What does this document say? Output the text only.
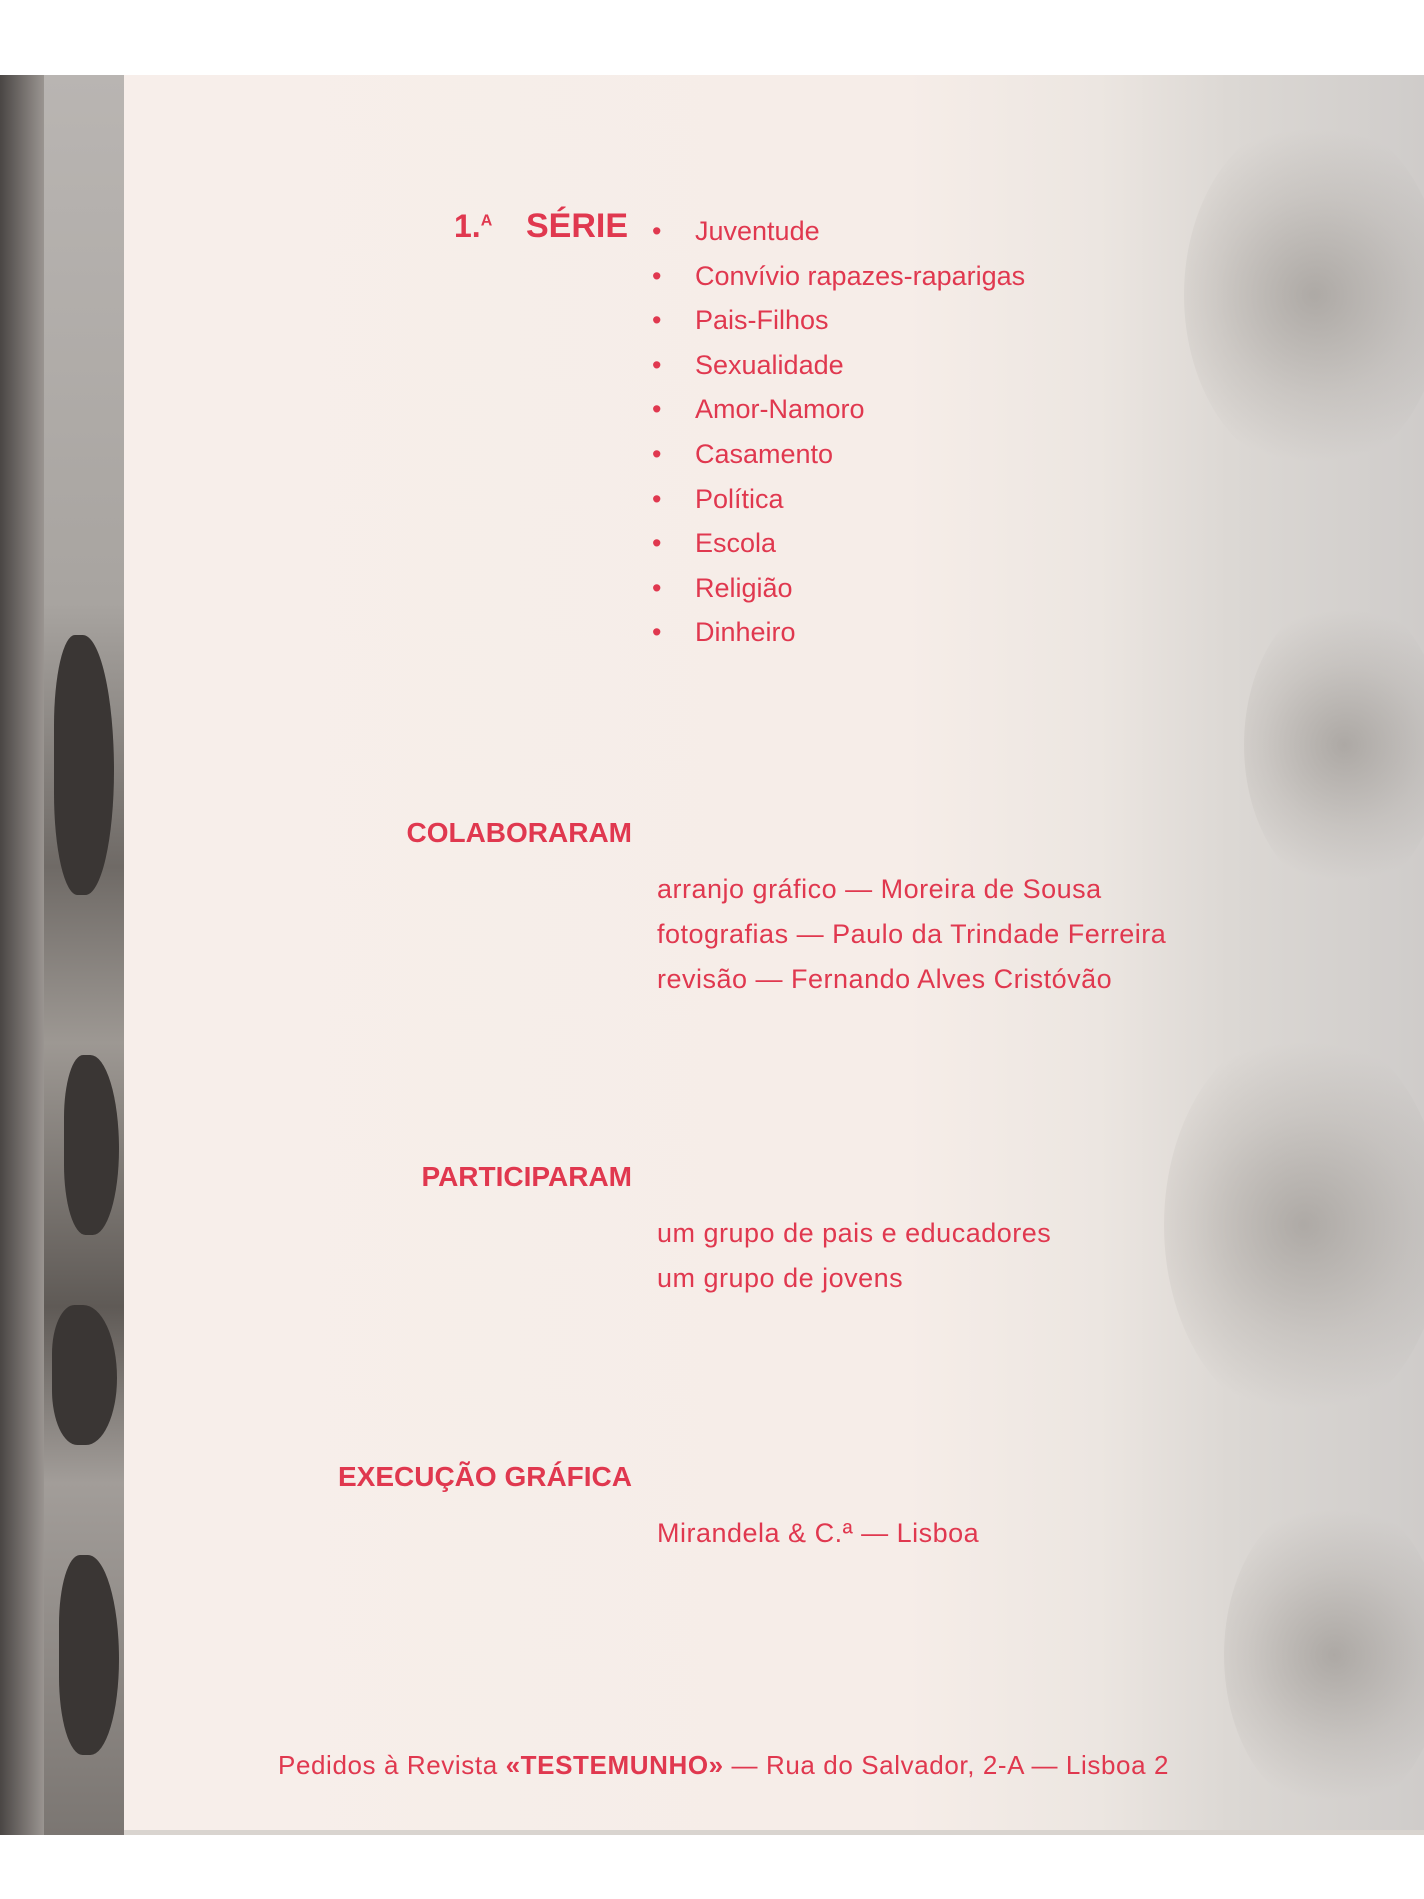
1.$^A$ SÉRIE •	Juventude
•	Convívio rapazes-raparigas
•	Pais-Filhos
•	Sexualidade
•	Amor-Namoro
•	Casamento
•	Política
•	Escola
•	Religião
•	Dinheiro
COLABORARAM
arranjo gráfico — Moreira de Sousa
fotografias — Paulo da Trindade Ferreira
revisão — Fernando Alves Cristóvão
PARTICIPARAM
um grupo de pais e educadores
um grupo de jovens
EXECUÇÃO GRÁFICA
Mirandela & C.ª — Lisboa
Pedidos à Revista «TESTEMUNHO» — Rua do Salvador, 2-A — Lisboa 2
